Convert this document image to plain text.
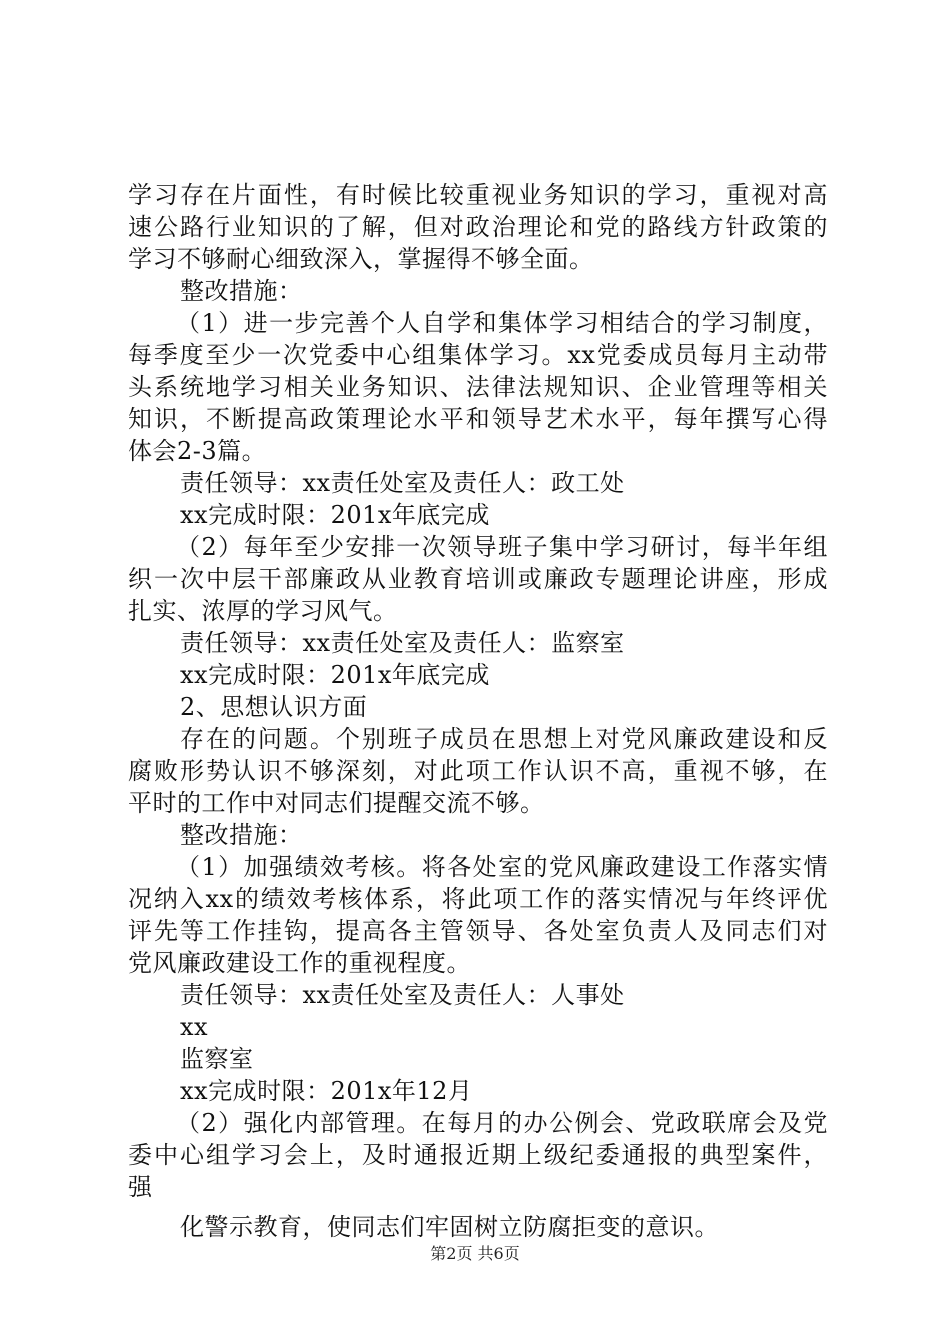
学习存在片面性，有时候比较重视业务知识的学习，重视对高
速公路行业知识的了解，但对政治理论和党的路线方针政策的
学习不够耐心细致深入，掌握得不够全面。
整改措施：
（1）进一步完善个人自学和集体学习相结合的学习制度，
每季度至少一次党委中心组集体学习。xx党委成员每月主动带
头系统地学习相关业务知识、法律法规知识、企业管理等相关
知识，不断提高政策理论水平和领导艺术水平，每年撰写心得
体会2-3篇。
责任领导：xx责任处室及责任人：政工处
xx完成时限：201x年底完成
（2）每年至少安排一次领导班子集中学习研讨，每半年组
织一次中层干部廉政从业教育培训或廉政专题理论讲座，形成
扎实、浓厚的学习风气。
责任领导：xx责任处室及责任人：监察室
xx完成时限：201x年底完成
2、思想认识方面
存在的问题。个别班子成员在思想上对党风廉政建设和反
腐败形势认识不够深刻，对此项工作认识不高，重视不够，在
平时的工作中对同志们提醒交流不够。
整改措施：
（1）加强绩效考核。将各处室的党风廉政建设工作落实情
况纳入xx的绩效考核体系，将此项工作的落实情况与年终评优
评先等工作挂钩，提高各主管领导、各处室负责人及同志们对
党风廉政建设工作的重视程度。
责任领导：xx责任处室及责任人：人事处
xx
监察室
xx完成时限：201x年12月
（2）强化内部管理。在每月的办公例会、党政联席会及党
委中心组学习会上，及时通报近期上级纪委通报的典型案件，
强
化警示教育，使同志们牢固树立防腐拒变的意识。
第2页 共6页
